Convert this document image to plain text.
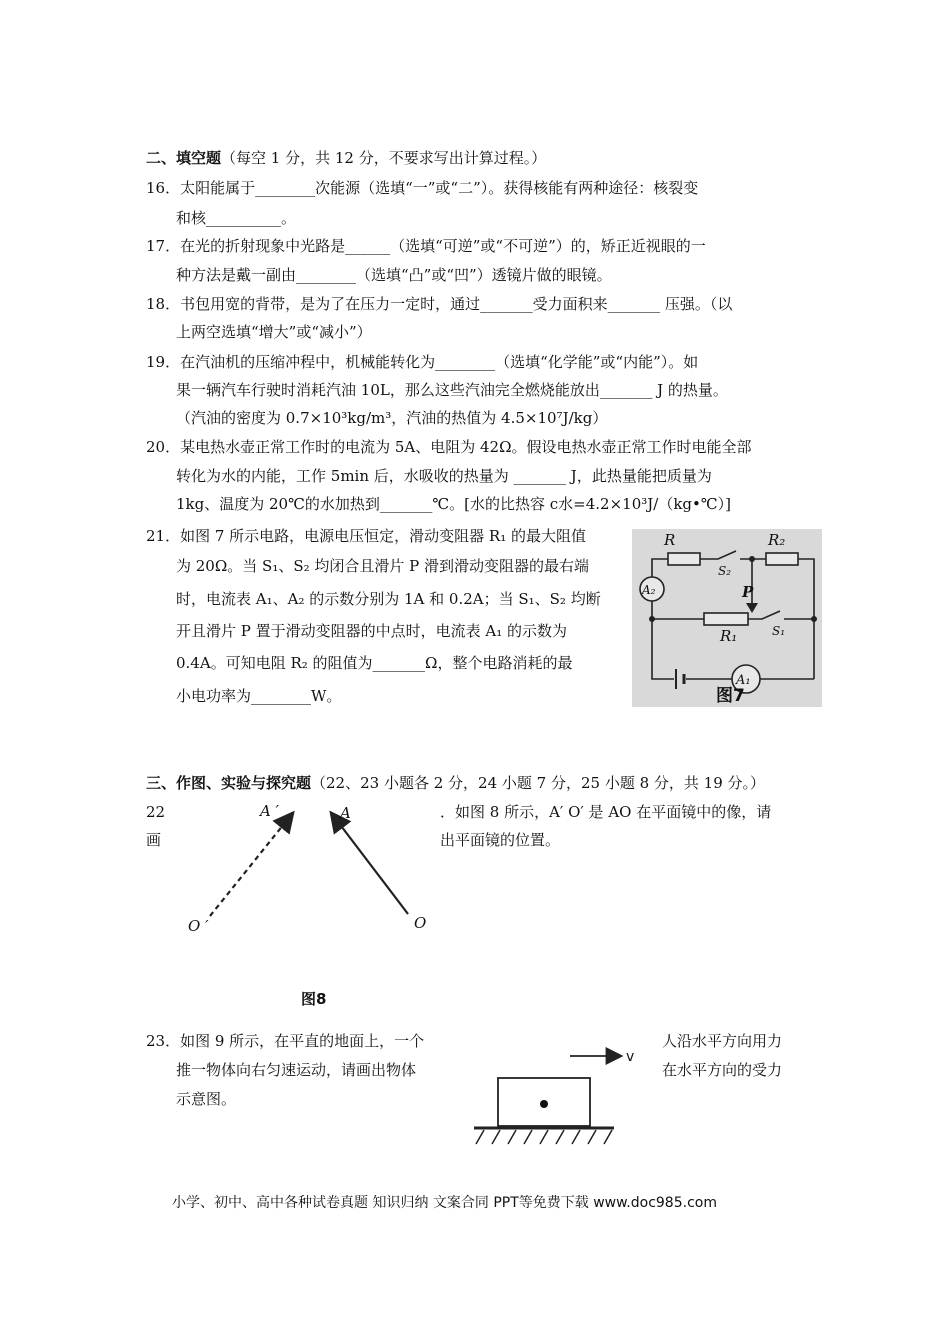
二、填空题（每空 1 分，共 12 分，不要求写出计算过程。）
16．太阳能属于________次能源（选填“一”或“二”）。获得核能有两种途径：核裂变
和核__________。
17．在光的折射现象中光路是______（选填“可逆”或“不可逆”）的，矫正近视眼的一
种方法是戴一副由________（选填“凸”或“凹”）透镜片做的眼镜。
18．书包用宽的背带，是为了在压力一定时，通过_______受力面积来_______ 压强。（以
上两空选填“增大”或“减小”）
19．在汽油机的压缩冲程中，机械能转化为________（选填“化学能”或“内能”）。如
果一辆汽车行驶时消耗汽油 10L，那么这些汽油完全燃烧能放出_______ J 的热量。
（汽油的密度为 0.7×10³kg/m³，汽油的热值为 4.5×10⁷J/kg）
20．某电热水壶正常工作时的电流为 5A、电阻为 42Ω。假设电热水壶正常工作时电能全部
转化为水的内能，工作 5min 后，水吸收的热量为 _______ J，此热量能把质量为
1kg、温度为 20℃的水加热到_______℃。[水的比热容 c水=4.2×10³J/（kg•℃）]
21．如图 7 所示电路，电源电压恒定，滑动变阻器 R₁ 的最大阻值
为 20Ω。当 S₁、S₂ 均闭合且滑片 P 滑到滑动变阻器的最右端
时，电流表 A₁、A₂ 的示数分别为 1A 和 0.2A；当 S₁、S₂ 均断
开且滑片 P 置于滑动变阻器的中点时，电流表 A₁ 的示数为
0.4A。可知电阻 R₂ 的阻值为_______Ω，整个电路消耗的最
小电功率为________W。
R	R₂
S₂
A₂	P
R₁	S₁
A₁
图7
三、作图、实验与探究题（22、23 小题各 2 分，24 小题 7 分，25 小题 8 分，共 19 分。）
22
画
．如图 8 所示，A′ O′ 是 AO 在平面镜中的像，请
出平面镜的位置。
A ′	A
O ′	O
图8
23．如图 9 所示，在平直的地面上，一个
推一物体向右匀速运动，请画出物体
示意图。
人沿水平方向用力
在水平方向的受力
v
小学、初中、高中各种试卷真题 知识归纳 文案合同 PPT等免费下载 www.doc985.com
